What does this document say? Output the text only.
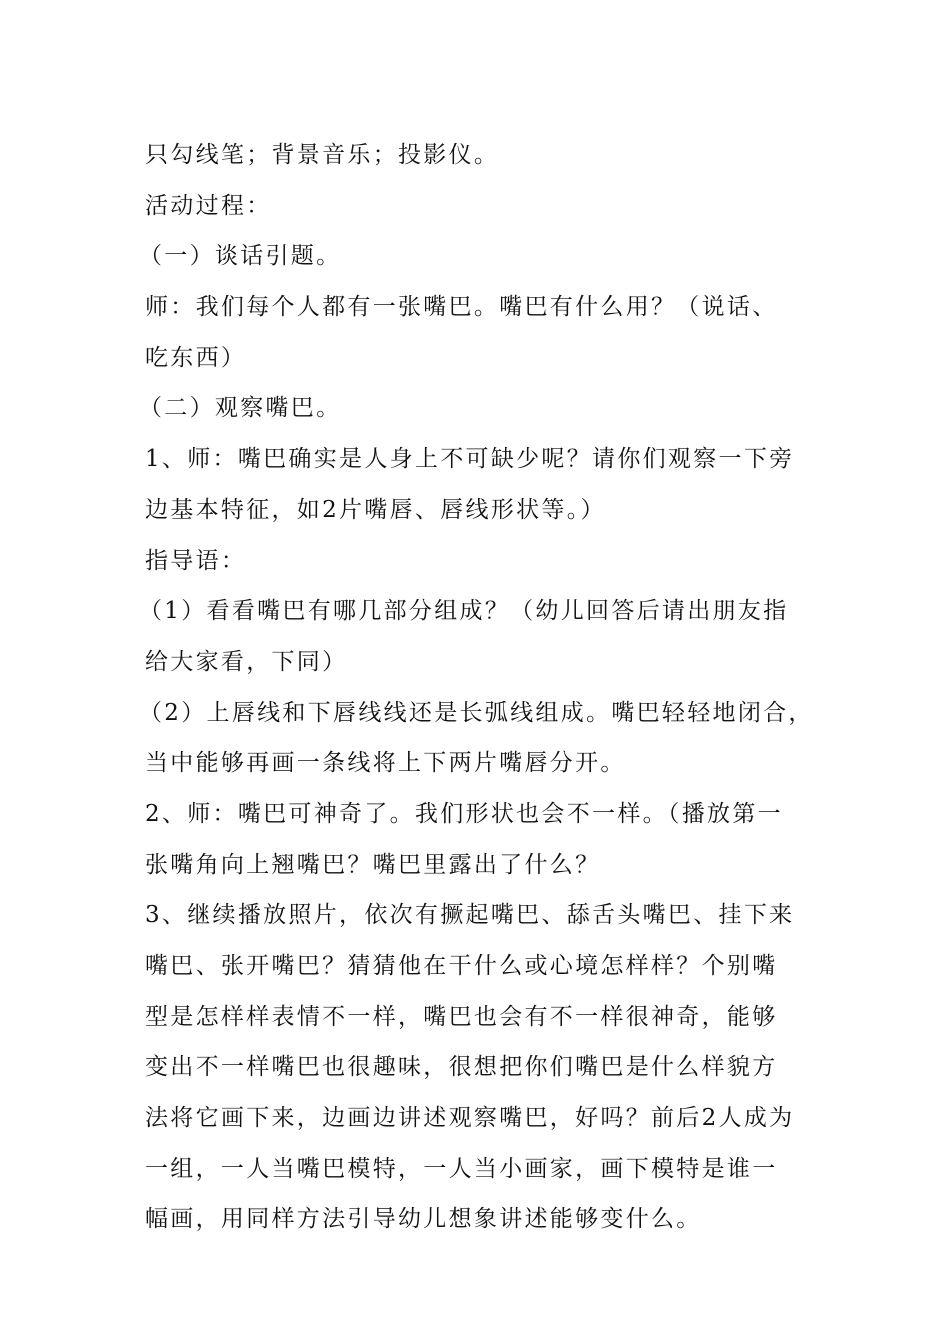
只勾线笔；背景音乐；投影仪。
活动过程：
（一）谈话引题。
师：我们每个人都有一张嘴巴。嘴巴有什么用？（说话、
吃东西）
（二）观察嘴巴。
1、师：嘴巴确实是人身上不可缺少呢？请你们观察一下旁
边基本特征，如2片嘴唇、唇线形状等。）
指导语：
（1）看看嘴巴有哪几部分组成？（幼儿回答后请出朋友指
给大家看，下同）
（2）上唇线和下唇线线还是长弧线组成。嘴巴轻轻地闭合，
当中能够再画一条线将上下两片嘴唇分开。
2、师：嘴巴可神奇了。我们形状也会不一样。（播放第一
张嘴角向上翘嘴巴？嘴巴里露出了什么？
3、继续播放照片，依次有撅起嘴巴、舔舌头嘴巴、挂下来
嘴巴、张开嘴巴？猜猜他在干什么或心境怎样样？个别嘴
型是怎样样表情不一样，嘴巴也会有不一样很神奇，能够
变出不一样嘴巴也很趣味，很想把你们嘴巴是什么样貌方
法将它画下来，边画边讲述观察嘴巴，好吗？前后2人成为
一组，一人当嘴巴模特，一人当小画家，画下模特是谁一
幅画，用同样方法引导幼儿想象讲述能够变什么。
